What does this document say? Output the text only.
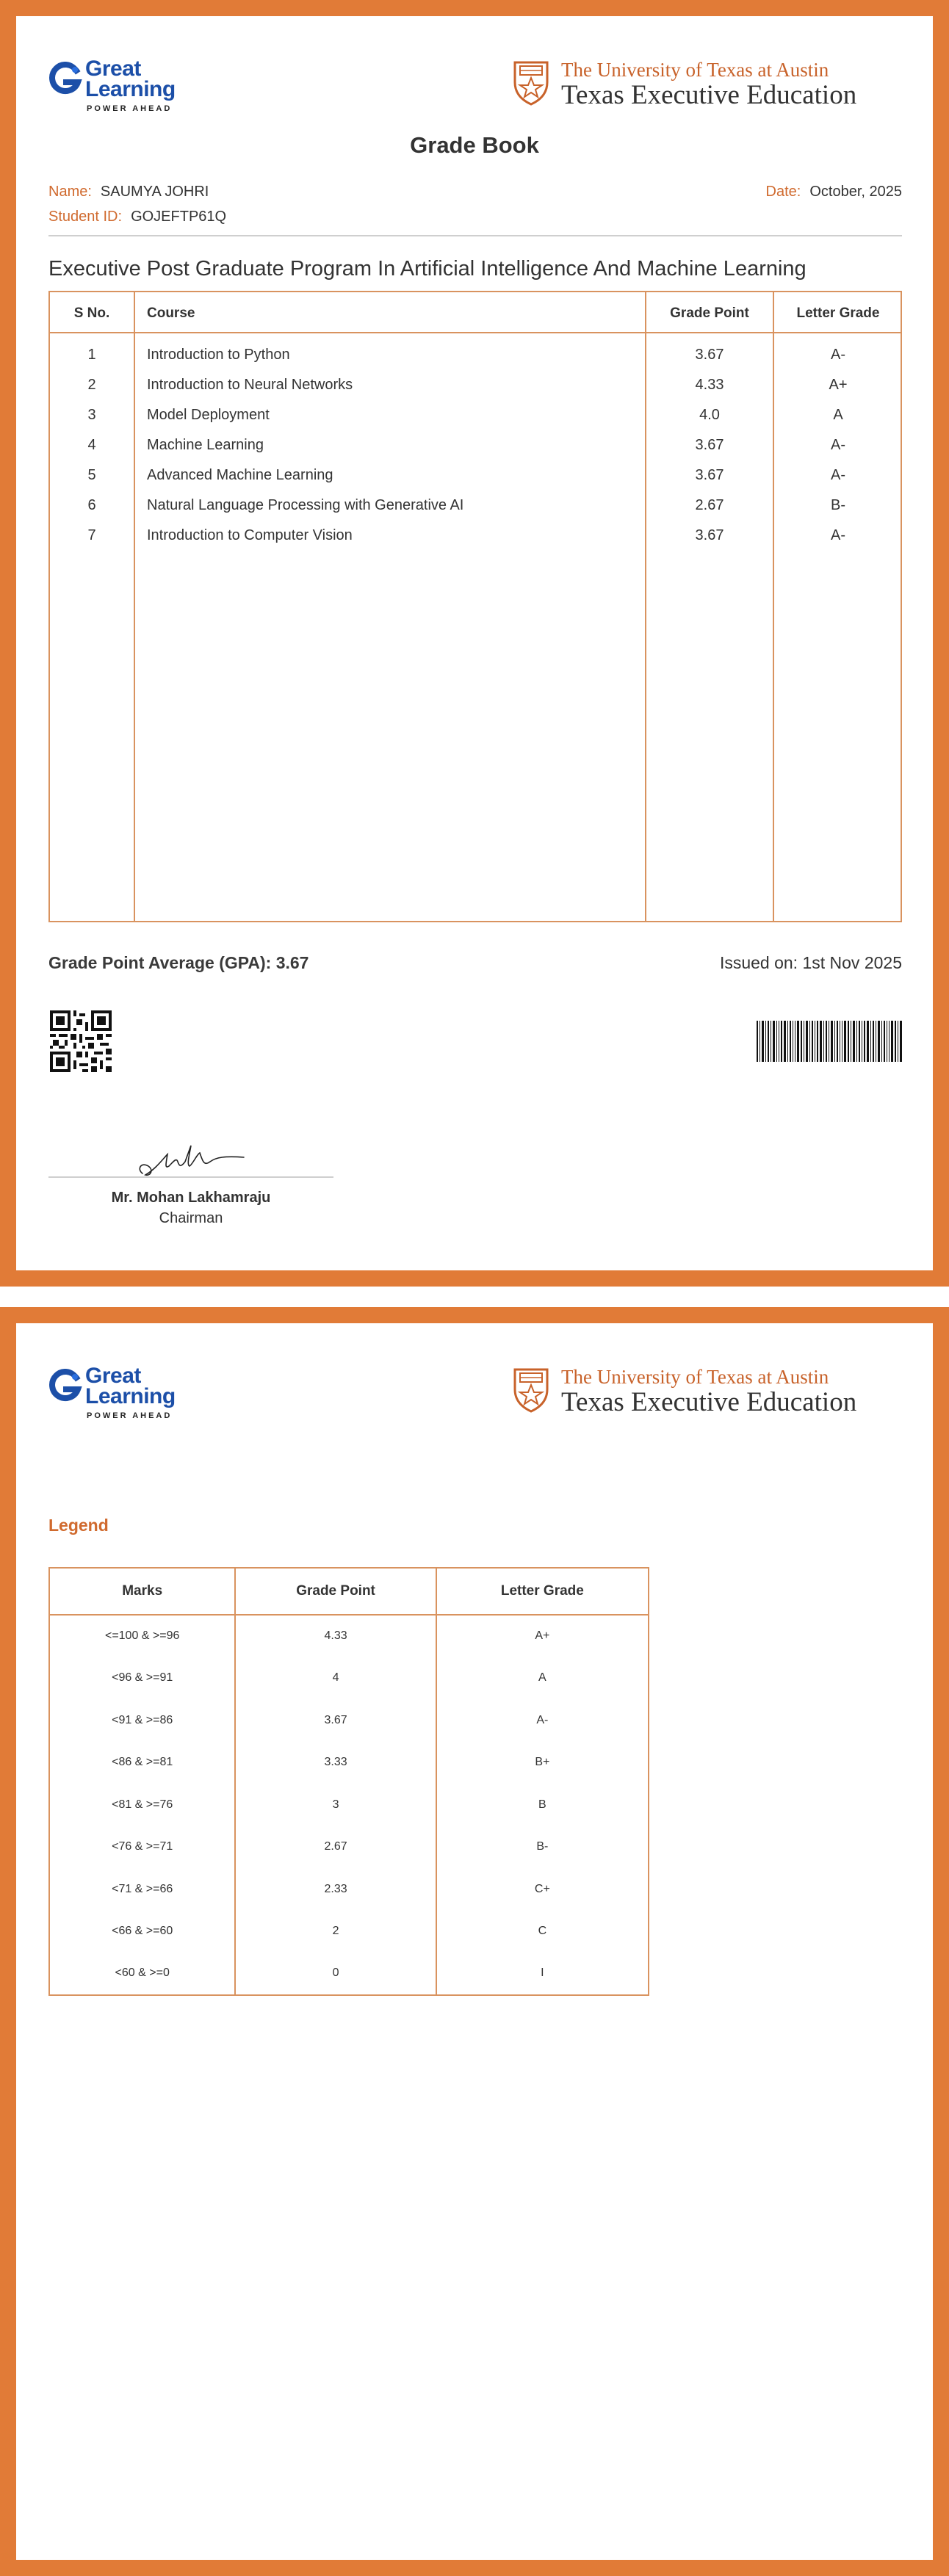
Great
Learning
POWER AHEAD
The University of Texas at Austin
Texas Executive Education
Grade Book
Name: SAUMYA JOHRI
Student ID: GOJEFTP61Q
Date: October, 2025
Executive Post Graduate Program In Artificial Intelligence And Machine Learning
S No.	Course	Grade Point	Letter Grade
1	Introduction to Python	3.67	A-
2	Introduction to Neural Networks	4.33	A+
3	Model Deployment	4.0	A
4	Machine Learning	3.67	A-
5	Advanced Machine Learning	3.67	A-
6	Natural Language Processing with Generative AI	2.67	B-
7	Introduction to Computer Vision	3.67	A-
Grade Point Average (GPA): 3.67	Issued on: 1st Nov 2025
Mr. Mohan Lakhamraju
Chairman
Great
Learning
POWER AHEAD
The University of Texas at Austin
Texas Executive Education
Legend
Marks	Grade Point	Letter Grade
<=100 & >=96	4.33	A+
<96 & >=91	4	A
<91 & >=86	3.67	A-
<86 & >=81	3.33	B+
<81 & >=76	3	B
<76 & >=71	2.67	B-
<71 & >=66	2.33	C+
<66 & >=60	2	C
<60 & >=0	0	I
